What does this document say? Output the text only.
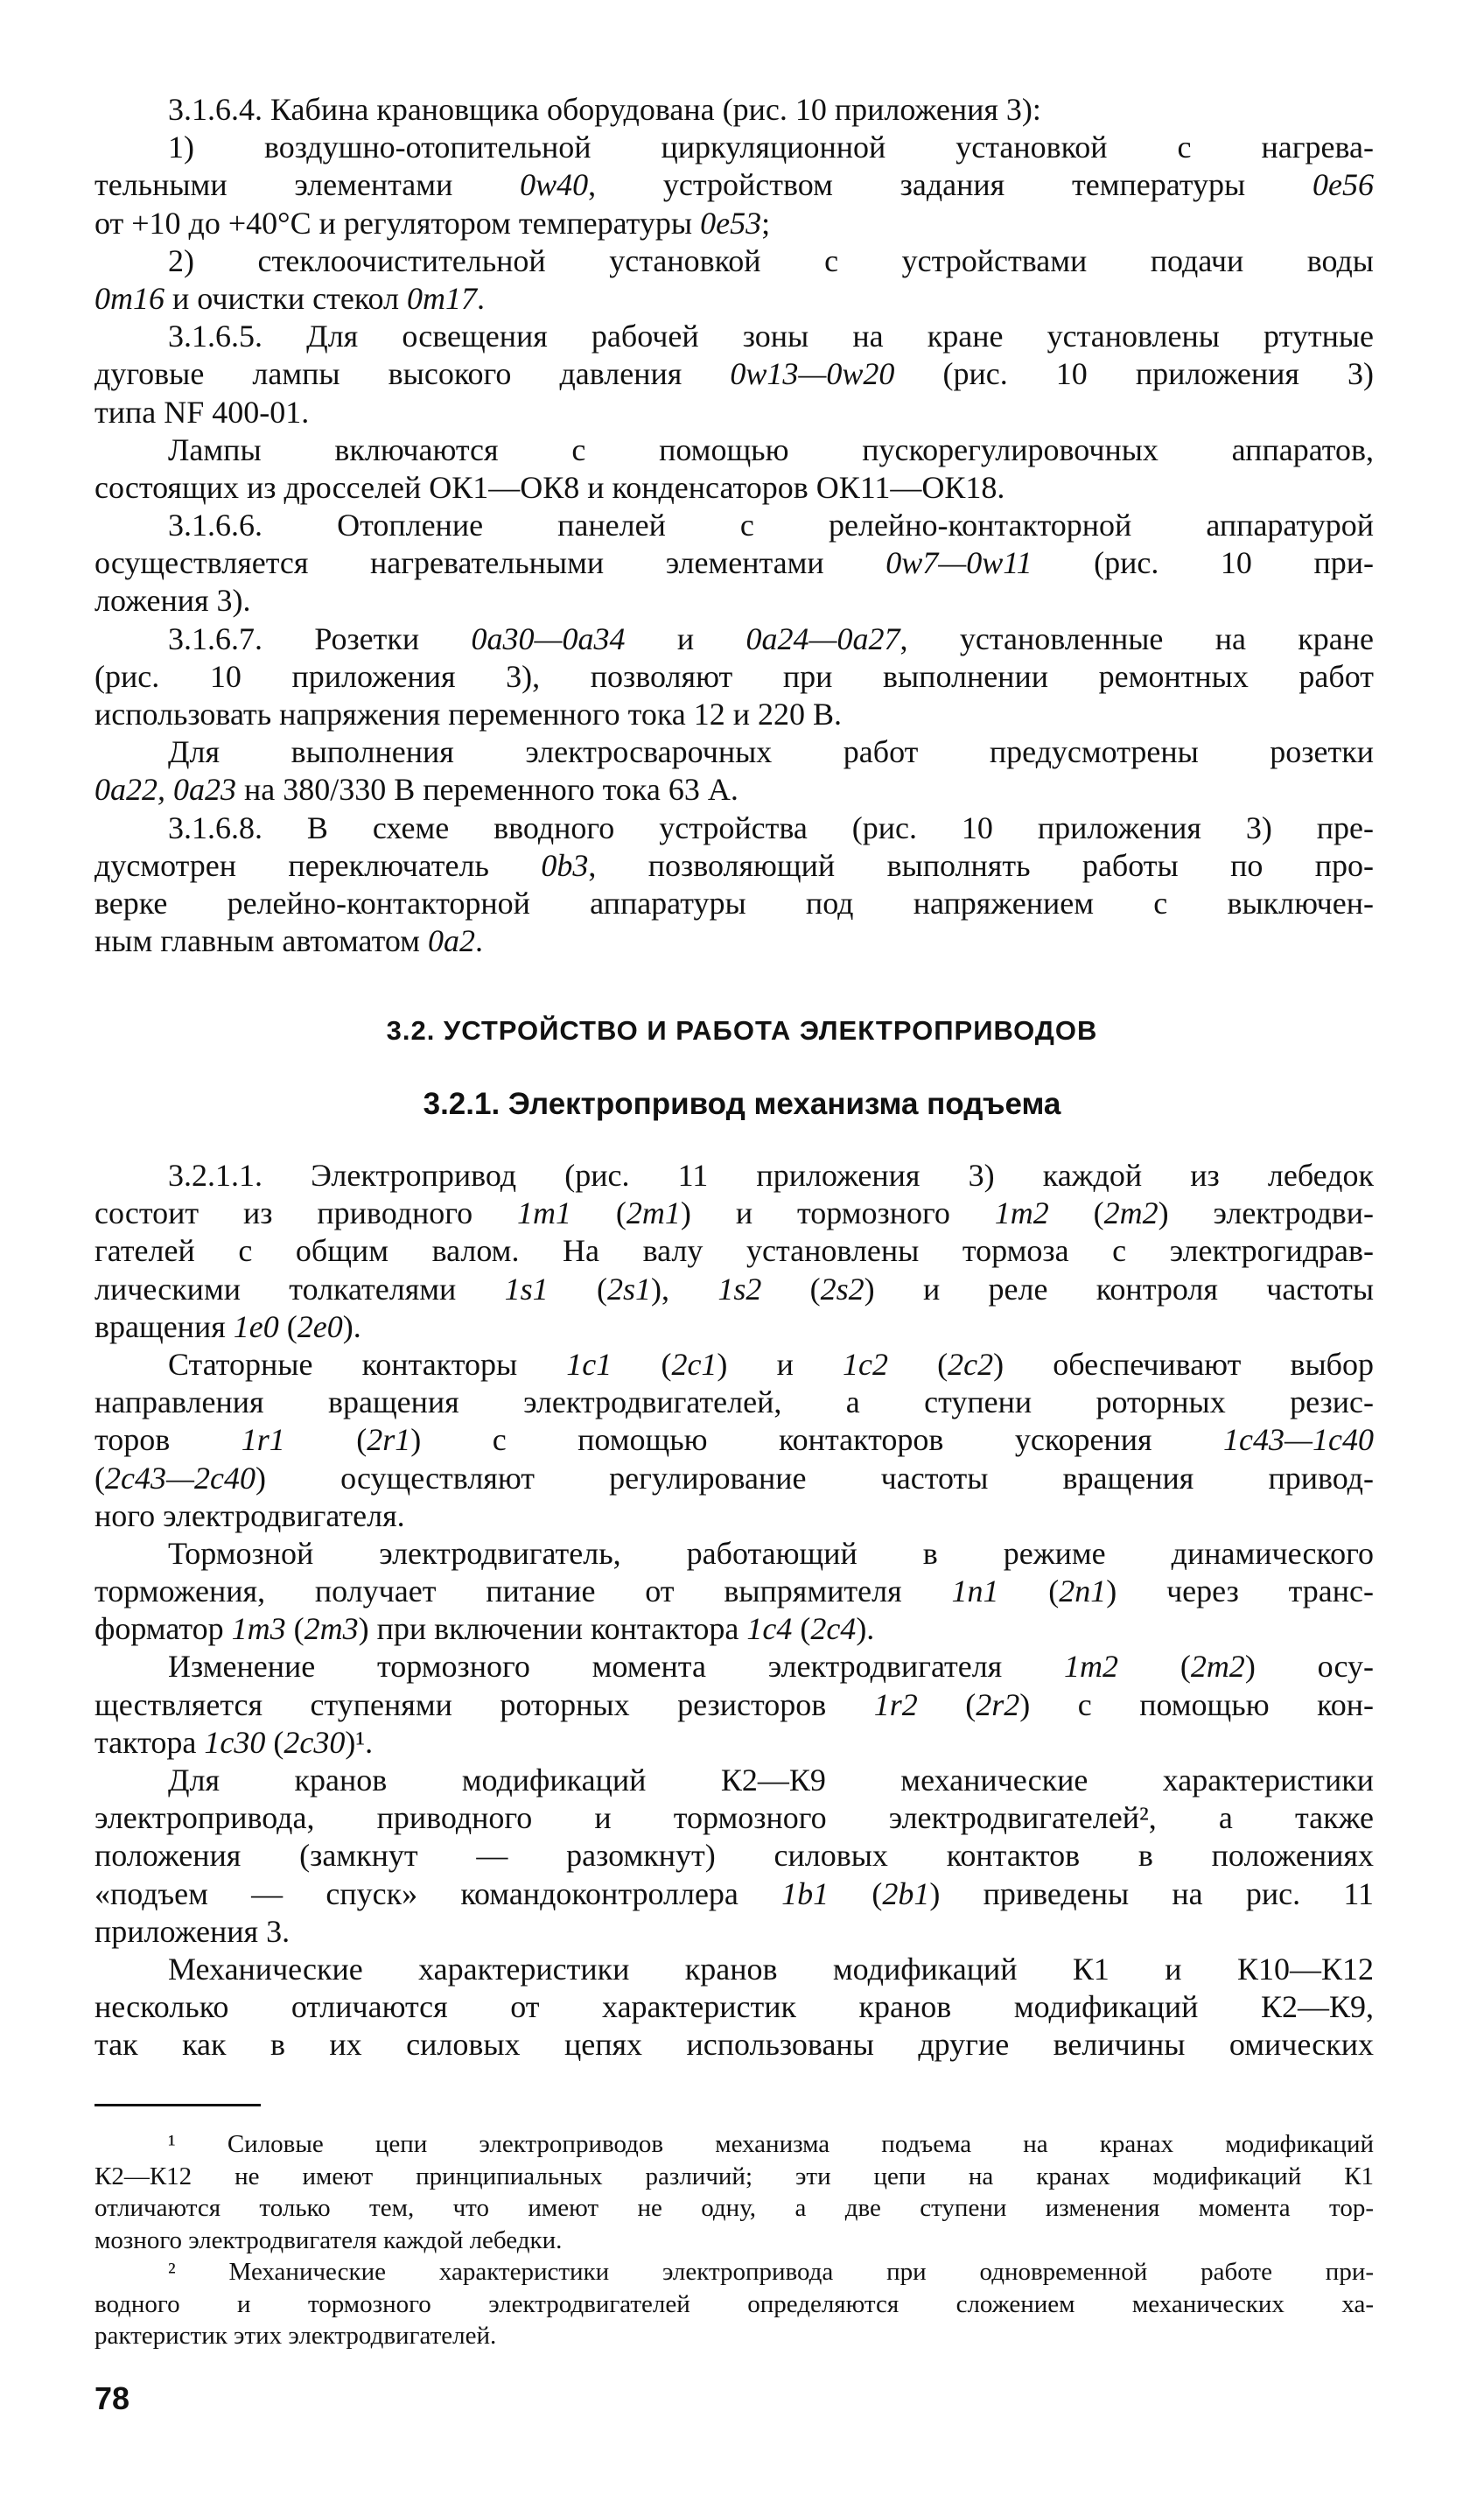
3.1.6.4. Кабина крановщика оборудована (рис. 10 приложения 3):
1) воздушно-отопительной циркуляционной установкой с нагрева-
тельными элементами 0w40, устройством задания температуры 0e56
от +10 до +40°С и регулятором температуры 0e53;
2) стеклоочистительной установкой с устройствами подачи воды
0m16 и очистки стекол 0m17.
3.1.6.5. Для освещения рабочей зоны на кране установлены ртутные
дуговые лампы высокого давления 0w13—0w20 (рис. 10 приложения 3)
типа NF 400-01.
Лампы включаются с помощью пускорегулировочных аппаратов,
состоящих из дросселей ОК1—ОК8 и конденсаторов ОК11—ОК18.
3.1.6.6. Отопление панелей с релейно-контакторной аппаратурой
осуществляется нагревательными элементами 0w7—0w11 (рис. 10 при-
ложения 3).
3.1.6.7. Розетки 0a30—0a34 и 0a24—0a27, установленные на кране
(рис. 10 приложения 3), позволяют при выполнении ремонтных работ
использовать напряжения переменного тока 12 и 220 В.
Для выполнения электросварочных работ предусмотрены розетки
0a22, 0a23 на 380/330 В переменного тока 63 А.
3.1.6.8. В схеме вводного устройства (рис. 10 приложения 3) пре-
дусмотрен переключатель 0b3, позволяющий выполнять работы по про-
верке релейно-контакторной аппаратуры под напряжением с выключен-
ным главным автоматом 0a2.
3.2. УСТРОЙСТВО И РАБОТА ЭЛЕКТРОПРИВОДОВ
3.2.1. Электропривод механизма подъема
3.2.1.1. Электропривод (рис. 11 приложения 3) каждой из лебедок
состоит из приводного 1m1 (2m1) и тормозного 1m2 (2m2) электродви-
гателей с общим валом. На валу установлены тормоза с электрогидрав-
лическими толкателями 1s1 (2s1), 1s2 (2s2) и реле контроля частоты
вращения 1e0 (2e0).
Статорные контакторы 1c1 (2c1) и 1c2 (2c2) обеспечивают выбор
направления вращения электродвигателей, а ступени роторных резис-
торов 1r1 (2r1) с помощью контакторов ускорения 1c43—1c40
(2c43—2c40) осуществляют регулирование частоты вращения привод-
ного электродвигателя.
Тормозной электродвигатель, работающий в режиме динамического
торможения, получает питание от выпрямителя 1n1 (2n1) через транс-
форматор 1m3 (2m3) при включении контактора 1c4 (2c4).
Изменение тормозного момента электродвигателя 1m2 (2m2) осу-
ществляется ступенями роторных резисторов 1r2 (2r2) с помощью кон-
тактора 1c30 (2c30)¹.
Для кранов модификаций К2—К9 механические характеристики
электропривода, приводного и тормозного электродвигателей², а также
положения (замкнут — разомкнут) силовых контактов в положениях
«подъем — спуск» командоконтроллера 1b1 (2b1) приведены на рис. 11
приложения 3.
Механические характеристики кранов модификаций К1 и К10—К12
несколько отличаются от характеристик кранов модификаций К2—К9,
так как в их силовых цепях использованы другие величины омических
¹ Силовые цепи электроприводов механизма подъема на кранах модификаций
К2—К12 не имеют принципиальных различий; эти цепи на кранах модификаций К1
отличаются только тем, что имеют не одну, а две ступени изменения момента тор-
мозного электродвигателя каждой лебедки.
² Механические характеристики электропривода при одновременной работе при-
водного и тормозного электродвигателей определяются сложением механических ха-
рактеристик этих электродвигателей.
78
